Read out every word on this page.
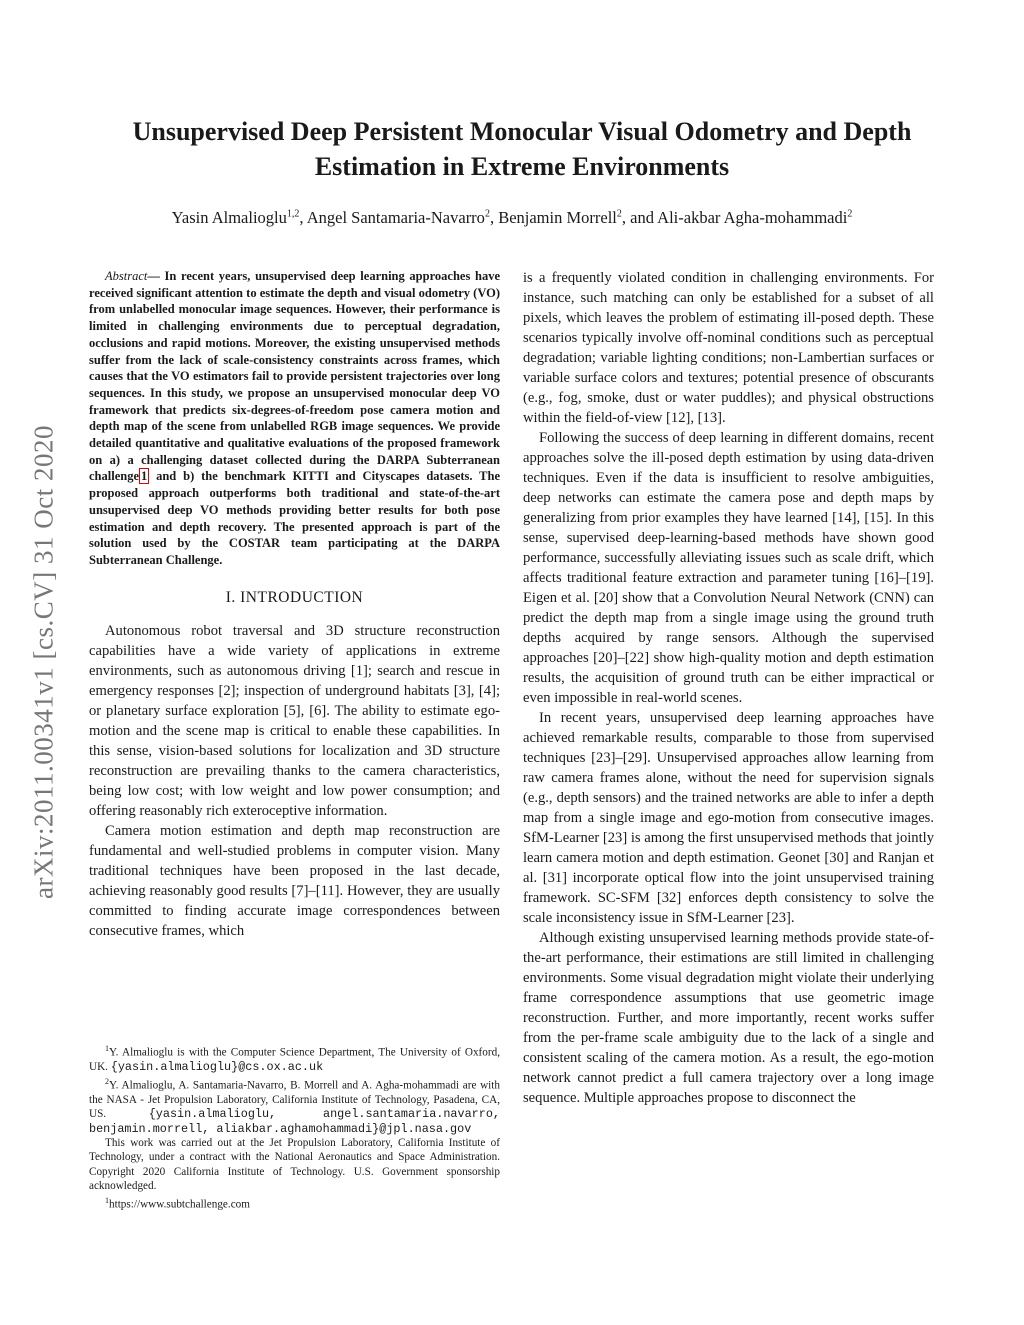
Unsupervised Deep Persistent Monocular Visual Odometry and Depth
Estimation in Extreme Environments
Yasin Almalioglu$^{1,2}$, Angel Santamaria-Navarro$^2$, Benjamin Morrell$^2$, and Ali-akbar Agha-mohammadi$^2$
arXiv:2011.00341v1 [cs.CV] 31 Oct 2020

Abstract— In recent years, unsupervised deep learning approaches have received significant attention to estimate the depth and visual odometry (VO) from unlabelled monocular image sequences. However, their performance is limited in challenging environments due to perceptual degradation, occlusions and rapid motions. Moreover, the existing unsupervised methods suffer from the lack of scale-consistency constraints across frames, which causes that the VO estimators fail to provide persistent trajectories over long sequences. In this study, we propose an unsupervised monocular deep VO framework that predicts six-degrees-of-freedom pose camera motion and depth map of the scene from unlabelled RGB image sequences. We provide detailed quantitative and qualitative evaluations of the proposed framework on a) a challenging dataset collected during the DARPA Subterranean challenge 1 and b) the benchmark KITTI and Cityscapes datasets. The proposed approach outperforms both traditional and state-of-the-art unsupervised deep VO methods providing better results for both pose estimation and depth recovery. The presented approach is part of the solution used by the COSTAR team participating at the DARPA Subterranean Challenge.

I. INTRODUCTION

Autonomous robot traversal and 3D structure reconstruction capabilities have a wide variety of applications in extreme environments, such as autonomous driving [1]; search and rescue in emergency responses [2]; inspection of underground habitats [3], [4]; or planetary surface exploration [5], [6]. The ability to estimate ego-motion and the scene map is critical to enable these capabilities. In this sense, vision-based solutions for localization and 3D structure reconstruction are prevailing thanks to the camera characteristics, being low cost; with low weight and low power consumption; and offering reasonably rich exteroceptive information.

Camera motion estimation and depth map reconstruction are fundamental and well-studied problems in computer vision. Many traditional techniques have been proposed in the last decade, achieving reasonably good results [7]–[11]. However, they are usually committed to finding accurate image correspondences between consecutive frames, which

$^1$Y. Almalioglu is with the Computer Science Department, The University of Oxford, UK. {yasin.almalioglu}@cs.ox.ac.uk

$^2$Y. Almalioglu, A. Santamaria-Navarro, B. Morrell and A. Agha-mohammadi are with the NASA - Jet Propulsion Laboratory, California Institute of Technology, Pasadena, CA, US. {yasin.almalioglu, angel.santamaria.navarro, benjamin.morrell, aliakbar.aghamohammadi}@jpl.nasa.gov

This work was carried out at the Jet Propulsion Laboratory, California Institute of Technology, under a contract with the National Aeronautics and Space Administration. Copyright 2020 California Institute of Technology. U.S. Government sponsorship acknowledged.

$^1$https://www.subtchallenge.com

is a frequently violated condition in challenging environments. For instance, such matching can only be established for a subset of all pixels, which leaves the problem of estimating ill-posed depth. These scenarios typically involve off-nominal conditions such as perceptual degradation; variable lighting conditions; non-Lambertian surfaces or variable surface colors and textures; potential presence of obscurants (e.g., fog, smoke, dust or water puddles); and physical obstructions within the field-of-view [12], [13].

Following the success of deep learning in different domains, recent approaches solve the ill-posed depth estimation by using data-driven techniques. Even if the data is insufficient to resolve ambiguities, deep networks can estimate the camera pose and depth maps by generalizing from prior examples they have learned [14], [15]. In this sense, supervised deep-learning-based methods have shown good performance, successfully alleviating issues such as scale drift, which affects traditional feature extraction and parameter tuning [16]–[19]. Eigen et al. [20] show that a Convolution Neural Network (CNN) can predict the depth map from a single image using the ground truth depths acquired by range sensors. Although the supervised approaches [20]–[22] show high-quality motion and depth estimation results, the acquisition of ground truth can be either impractical or even impossible in real-world scenes.

In recent years, unsupervised deep learning approaches have achieved remarkable results, comparable to those from supervised techniques [23]–[29]. Unsupervised approaches allow learning from raw camera frames alone, without the need for supervision signals (e.g., depth sensors) and the trained networks are able to infer a depth map from a single image and ego-motion from consecutive images. SfM-Learner [23] is among the first unsupervised methods that jointly learn camera motion and depth estimation. Geonet [30] and Ranjan et al. [31] incorporate optical flow into the joint unsupervised training framework. SC-SFM [32] enforces depth consistency to solve the scale inconsistency issue in SfM-Learner [23].

Although existing unsupervised learning methods provide state-of-the-art performance, their estimations are still limited in challenging environments. Some visual degradation might violate their underlying frame correspondence assumptions that use geometric image reconstruction. Further, and more importantly, recent works suffer from the per-frame scale ambiguity due to the lack of a single and consistent scaling of the camera motion. As a result, the ego-motion network cannot predict a full camera trajectory over a long image sequence. Multiple approaches propose to disconnect the
